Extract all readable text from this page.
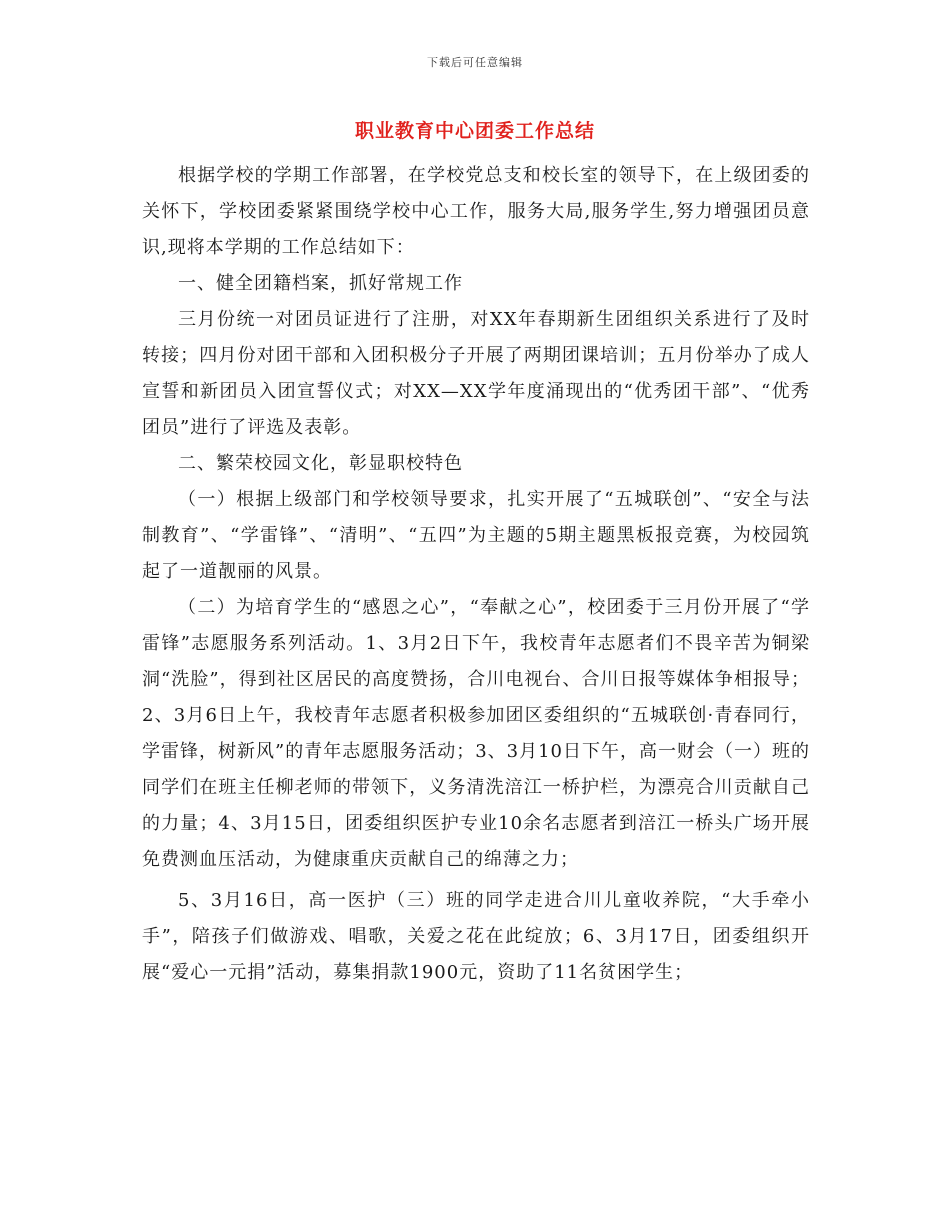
下载后可任意编辑
职业教育中心团委工作总结

根据学校的学期工作部署，在学校党总支和校长室的领导下，在上级团委的关怀下，学校团委紧紧围绕学校中心工作，服务大局,服务学生,努力增强团员意识,现将本学期的工作总结如下：

一、健全团籍档案，抓好常规工作

三月份统一对团员证进行了注册，对XX年春期新生团组织关系进行了及时转接；四月份对团干部和入团积极分子开展了两期团课培训；五月份举办了成人宣誓和新团员入团宣誓仪式；对XX—XX学年度涌现出的“优秀团干部”、“优秀团员”进行了评选及表彰。

二、繁荣校园文化，彰显职校特色

（一）根据上级部门和学校领导要求，扎实开展了“五城联创”、“安全与法制教育”、“学雷锋”、“清明”、“五四”为主题的5期主题黑板报竞赛，为校园筑起了一道靓丽的风景。

（二）为培育学生的“感恩之心”，“奉献之心”，校团委于三月份开展了“学雷锋”志愿服务系列活动。1、3月2日下午，我校青年志愿者们不畏辛苦为铜梁洞“洗脸”，得到社区居民的高度赞扬，合川电视台、合川日报等媒体争相报导；2、3月6日上午，我校青年志愿者积极参加团区委组织的“五城联创·青春同行，学雷锋，树新风”的青年志愿服务活动；3、3月10日下午，高一财会（一）班的同学们在班主任柳老师的带领下，义务清洗涪江一桥护栏，为漂亮合川贡献自己的力量；4、3月15日，团委组织医护专业10余名志愿者到涪江一桥头广场开展免费测血压活动，为健康重庆贡献自己的绵薄之力；

5、3月16日，高一医护（三）班的同学走进合川儿童收养院，“大手牵小手”，陪孩子们做游戏、唱歌，关爱之花在此绽放；6、3月17日，团委组织开展“爱心一元捐”活动，募集捐款1900元，资助了11名贫困学生；
